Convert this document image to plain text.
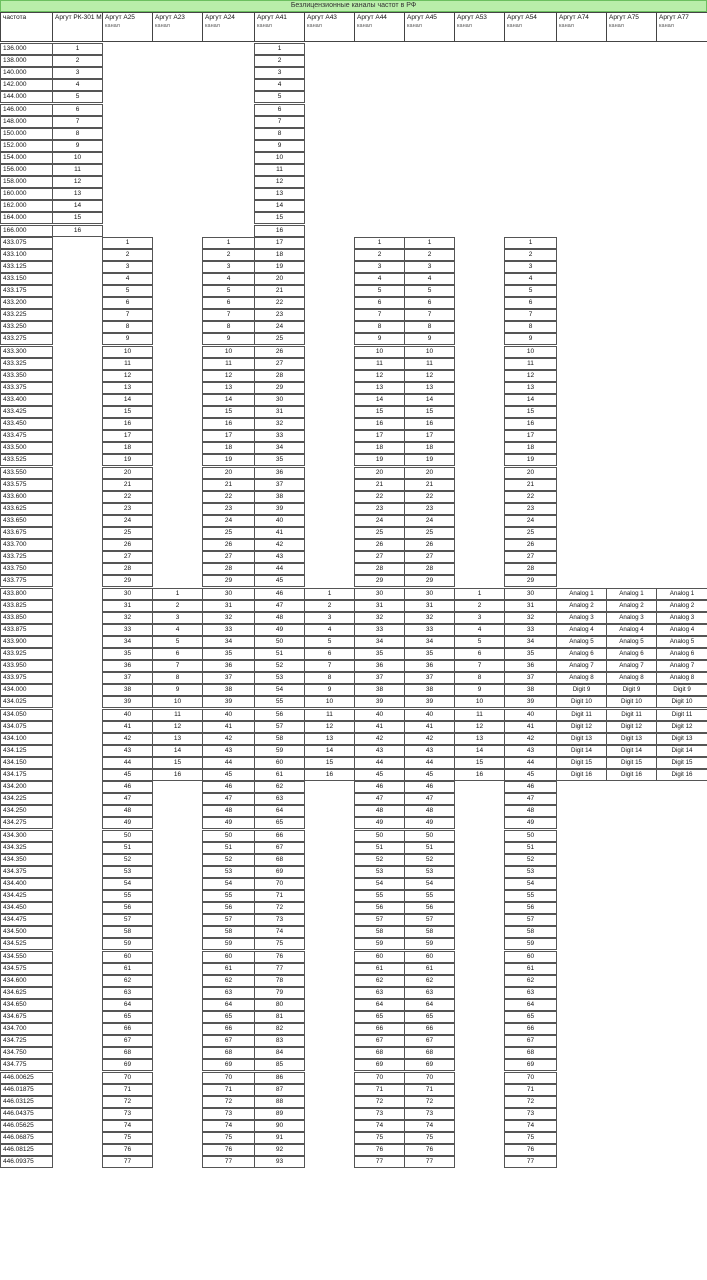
Безлицензионные каналы частот в РФ
частота	Аргут РК-301 М Аргут А25
канал
Аргут А23
канал
Аргут А24
канал
Аргут А41
канал
Аргут А43
канал
Аргут А44
канал
Аргут А45
канал
Аргут А53
канал
Аргут А54
канал
Аргут А74
канал
Аргут А75
канал
Аргут А77
канал
136.000
138.000
140.000
142.000
144.000
146.000
148.000
150.000
152.000
154.000
156.000
158.000
160.000
162.000
164.000
166.000
433.075
433.100
433.125
433.150
433.175
433.200
433.225
433.250
433.275
433.300
433.325
433.350
433.375
433.400
433.425
433.450
433.475
433.500
433.525
433.550
433.575
433.600
433.625
433.650
433.675
433.700
433.725
433.750
433.775
433.800
433.825
433.850
433.875
433.900
433.925
433.950
433.975
434.000
434.025
434.050
434.075
434.100
434.125
434.150
434.175
434.200
434.225
434.250
434.275
434.300
434.325
434.350
434.375
434.400
434.425
434.450
434.475
434.500
434.525
434.550
434.575
434.600
434.625
434.650
434.675
434.700
434.725
434.750
434.775
446.00625
446.01875
446.03125
446.04375
446.05625
446.06875
446.08125
446.09375
1
2
3
4
5
6
7
8
9
10
11
12
13
14
15
16
1
2
3
4
5
6
7
8
9
10
11
12
13
14
15
16
17
18
19
20
21
22
23
24
25
26
27
28
29
30
31
32
33
34
35
36
37
38
39
40
41
42
43
44
45
46
47
48
49
50
51
52
53
54
55
56
57
58
59
60
61
62
63
64
65
66
67
68
69
70
71
72
73
74
75
76
77
1
2
3
4
5
6
7
8
9
10
11
12
13
14
15
16
1
2
3
4
5
6
7
8
9
10
11
12
13
14
15
16
17
18
19
20
21
22
23
24
25
26
27
28
29
30
31
32
33
34
35
36
37
38
39
40
41
42
43
44
45
46
47
48
49
50
51
52
53
54
55
56
57
58
59
60
61
62
63
64
65
66
67
68
69
70
71
72
73
74
75
76
77
1
2
3
4
5
6
7
8
9
10
11
12
13
14
15
16
17
18
19
20
21
22
23
24
25
26
27
28
29
30
31
32
33
34
35
36
37
38
39
40
41
42
43
44
45
46
47
48
49
50
51
52
53
54
55
56
57
58
59
60
61
62
63
64
65
66
67
68
69
70
71
72
73
74
75
76
77
78
79
80
81
82
83
84
85
86
87
88
89
90
91
92
93
1
2
3
4
5
6
7
8
9
10
11
12
13
14
15
16
1
2
3
4
5
6
7
8
9
10
11
12
13
14
15
16
17
18
19
20
21
22
23
24
25
26
27
28
29
30
31
32
33
34
35
36
37
38
39
40
41
42
43
44
45
46
47
48
49
50
51
52
53
54
55
56
57
58
59
60
61
62
63
64
65
66
67
68
69
70
71
72
73
74
75
76
77
1
2
3
4
5
6
7
8
9
10
11
12
13
14
15
16
17
18
19
20
21
22
23
24
25
26
27
28
29
30
31
32
33
34
35
36
37
38
39
40
41
42
43
44
45
46
47
48
49
50
51
52
53
54
55
56
57
58
59
60
61
62
63
64
65
66
67
68
69
70
71
72
73
74
75
76
77
1
2
3
4
5
6
7
8
9
10
11
12
13
14
15
16
1
2
3
4
5
6
7
8
9
10
11
12
13
14
15
16
17
18
19
20
21
22
23
24
25
26
27
28
29
30
31
32
33
34
35
36
37
38
39
40
41
42
43
44
45
46
47
48
49
50
51
52
53
54
55
56
57
58
59
60
61
62
63
64
65
66
67
68
69
70
71
72
73
74
75
76
77
Analog 1
Analog 2
Analog 3
Analog 4
Analog 5
Analog 6
Analog 7
Analog 8
Digit 9
Digit 10
Digit 11
Digit 12
Digit 13
Digit 14
Digit 15
Digit 16
Analog 1
Analog 2
Analog 3
Analog 4
Analog 5
Analog 6
Analog 7
Analog 8
Digit 9
Digit 10
Digit 11
Digit 12
Digit 13
Digit 14
Digit 15
Digit 16
Analog 1
Analog 2
Analog 3
Analog 4
Analog 5
Analog 6
Analog 7
Analog 8
Digit 9
Digit 10
Digit 11
Digit 12
Digit 13
Digit 14
Digit 15
Digit 16
